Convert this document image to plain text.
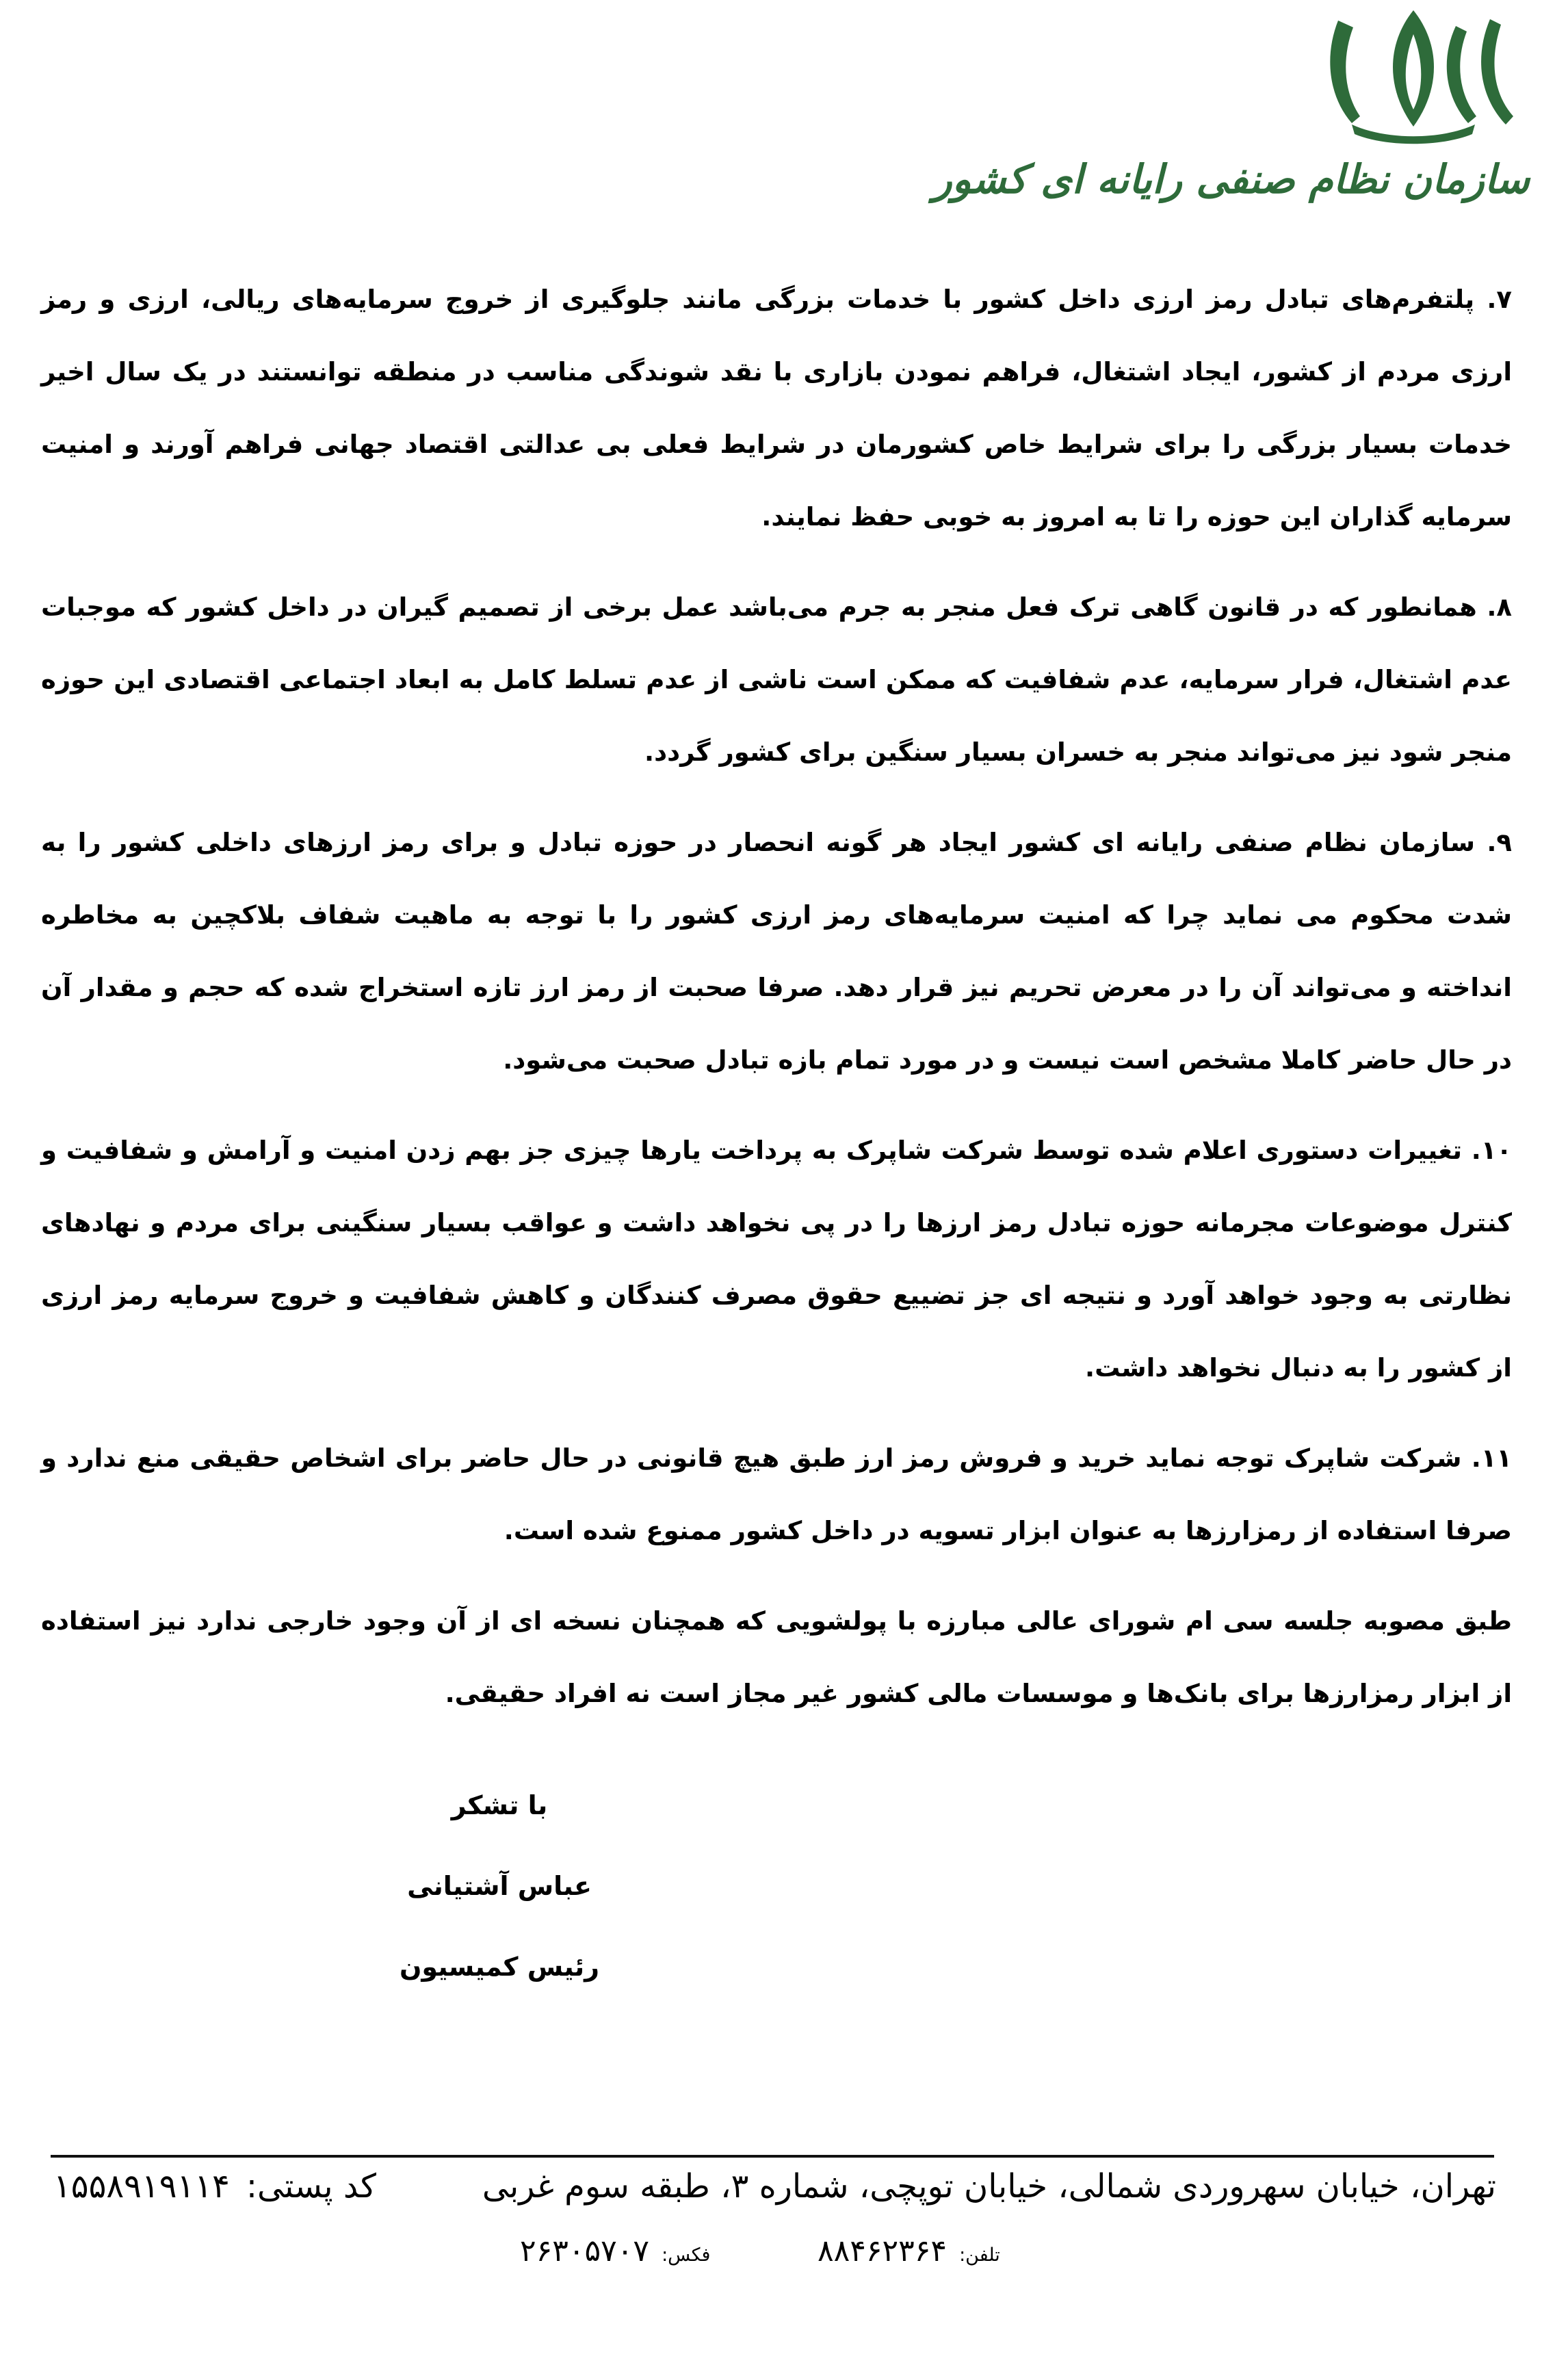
سازمان نظام صنفی رایانه ای کشور

۷. پلتفرم‌های تبادل رمز ارزی داخل کشور با خدمات بزرگی مانند جلوگیری از خروج سرمایه‌های ریالی، ارزی و رمز ارزی مردم از کشور، ایجاد اشتغال، فراهم نمودن بازاری با نقد شوندگی مناسب در منطقه توانستند در یک سال اخیر خدمات بسیار بزرگی را برای شرایط خاص کشورمان در شرایط فعلی بی عدالتی اقتصاد جهانی فراهم آورند و امنیت سرمایه گذاران این حوزه را تا به امروز به خوبی حفظ نمایند.

۸. همانطور که در قانون گاهی ترک فعل منجر به جرم می‌باشد عمل برخی از تصمیم گیران در داخل کشور که موجبات عدم اشتغال، فرار سرمایه، عدم شفافیت که ممکن است ناشی از عدم تسلط کامل به ابعاد اجتماعی اقتصادی این حوزه منجر شود نیز می‌تواند منجر به خسران بسیار سنگین برای کشور گردد.

۹. سازمان نظام صنفی رایانه ای کشور ایجاد هر گونه انحصار در حوزه تبادل و برای رمز ارزهای داخلی کشور را به شدت محکوم می نماید چرا که امنیت سرمایه‌های رمز ارزی کشور را با توجه به ماهیت شفاف بلاکچین به مخاطره انداخته و می‌تواند آن را در معرض تحریم نیز قرار دهد. صرفا صحبت از رمز ارز تازه استخراج شده که حجم و مقدار آن در حال حاضر کاملا مشخص است نیست و در مورد تمام بازه تبادل صحبت می‌شود.

۱۰. تغییرات دستوری اعلام شده توسط شرکت شاپرک به پرداخت یارها چیزی جز بهم زدن امنیت و آرامش و شفافیت و کنترل موضوعات مجرمانه حوزه تبادل رمز ارزها را در پی نخواهد داشت و عواقب بسیار سنگینی برای مردم و نهادهای نظارتی به وجود خواهد آورد و نتیجه ای جز تضییع حقوق مصرف کنندگان و کاهش شفافیت و خروج سرمایه رمز ارزی از کشور را به دنبال نخواهد داشت.

۱۱. شرکت شاپرک توجه نماید خرید و فروش رمز ارز طبق هیچ قانونی در حال حاضر برای اشخاص حقیقی منع ندارد و صرفا استفاده از رمزارزها به عنوان ابزار تسویه در داخل کشور ممنوع شده است.

طبق مصوبه جلسه سی ام شورای عالی مبارزه با پولشویی که همچنان نسخه ای از آن وجود خارجی ندارد نیز استفاده از ابزار رمزارزها برای بانک‌ها و موسسات مالی کشور غیر مجاز است نه افراد حقیقی.

با تشکر
عباس آشتیانی
رئیس کمیسیون
تهران، خیابان سهروردی شمالی، خیابان توپچی، شماره ۳، طبقه سوم غربی
کد پستی:۱۵۵۸۹۱۹۱۱۴
تلفن:۸۸۴۶۲۳۶۴
فکس:۲۶۳۰۵۷۰۷
